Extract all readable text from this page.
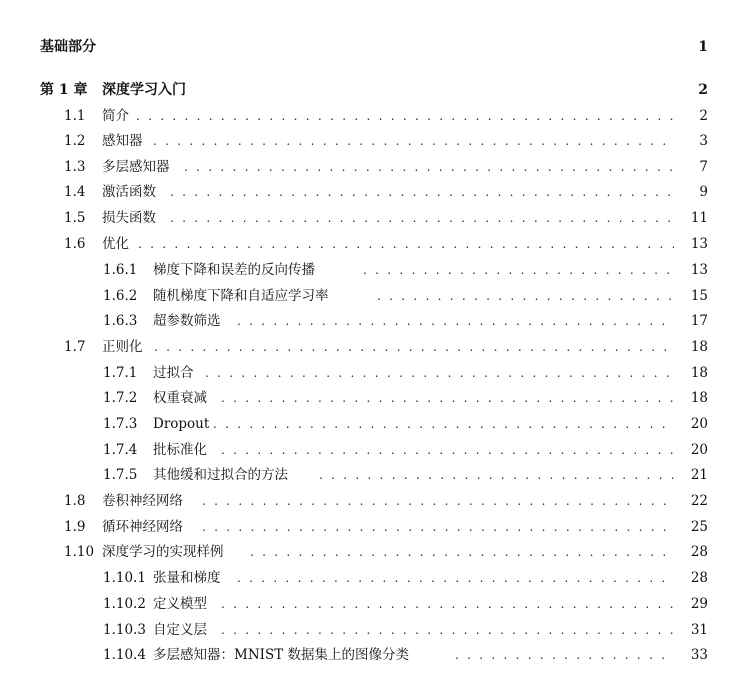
基础部分	1
第 1 章 深度学习入门	2
1.1 简介 . . .	2
1.2 感知器 . . .	3
1.3 多层感知器 . . .	7
1.4 激活函数 . . .	9
1.5 损失函数 . . .	11
1.6 优化 . . .	13
1.6.1 梯度下降和误差的反向传播 . . .	13
1.6.2 随机梯度下降和自适应学习率 . . .	15
1.6.3 超参数筛选 . . .	17
1.7 正则化 . . .	18
1.7.1 过拟合 . . .	18
1.7.2 权重衰减 . . .	18
1.7.3 Dropout . . .	20
1.7.4 批标准化 . . .	20
1.7.5 其他缓和过拟合的方法 . . .	21
1.8 卷积神经网络 . . .	22
1.9 循环神经网络 . . .	25
1.10 深度学习的实现样例 . . .	28
1.10.1 张量和梯度 . . .	28
1.10.2 定义模型 . . .	29
1.10.3 自定义层 . . .	31
1.10.4 多层感知器：MNIST 数据集上的图像分类 . . .	33
